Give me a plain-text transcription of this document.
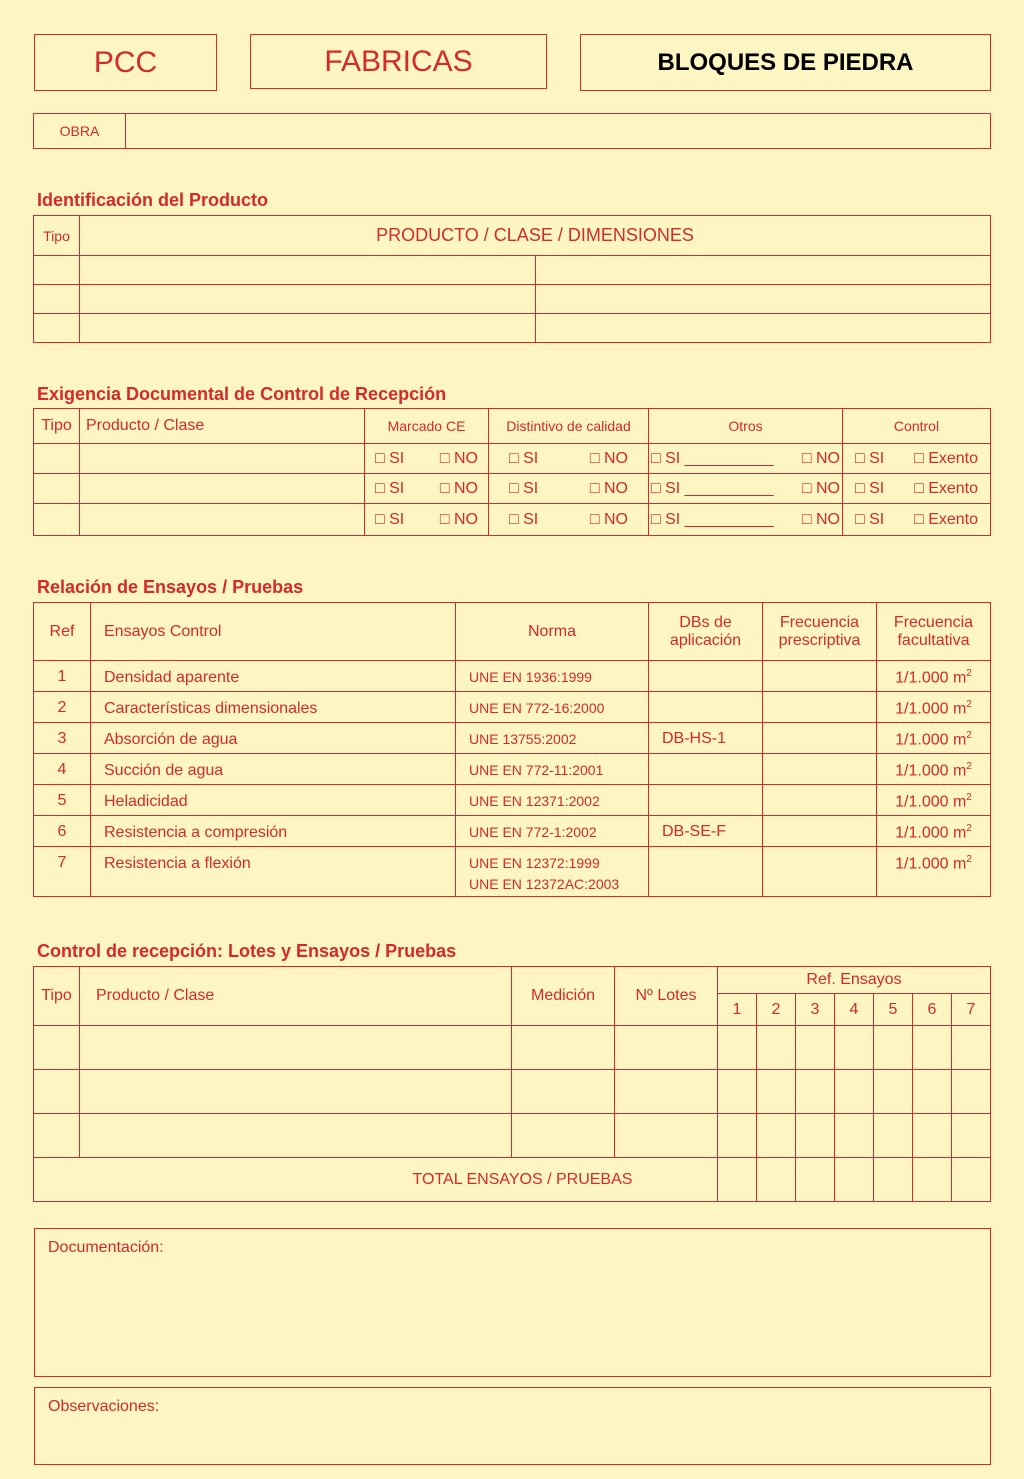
PCC	FABRICAS	BLOQUES DE PIEDRA
OBRA	
Identificación del Producto
Tipo	PRODUCTO / CLASE / DIMENSIONES	

Exigencia Documental de Control de Recepción
Tipo	Producto / Clase	Marcado CE	Distintivo de calidad	Otros	Control

		□ SI □ NO	□ SI □ NO	□ SI __________ □ NO	□ SI □ Exento

		□ SI □ NO	□ SI □ NO	□ SI __________ □ NO	□ SI □ Exento

		□ SI □ NO	□ SI □ NO	□ SI __________ □ NO	□ SI □ Exento
Relación de Ensayos / Pruebas
Ref	Ensayos Control	Norma	DBs de aplicación	Frecuencia prescriptiva	Frecuencia facultativa
1	Densidad aparente	UNE EN 1936:1999			1/1.000 $m^2$
2	Características dimensionales	UNE EN 772-16:2000			1/1.000 $m^2$
3	Absorción de agua	UNE 13755:2002	DB-HS-1		1/1.000 $m^2$
4	Succión de agua	UNE EN 772-11:2001			1/1.000 $m^2$
5	Heladicidad	UNE EN 12371:2002			1/1.000 $m^2$
6	Resistencia a compresión	UNE EN 772-1:2002	DB-SE-F		1/1.000 $m^2$
7	Resistencia a flexión	UNE EN 12372:1999
UNE EN 12372AC:2003			1/1.000 $m^2$
Control de recepción: Lotes y Ensayos / Pruebas
Tipo	Producto / Clase	Medición	Nº Lotes	Ref. Ensayos						
				1	2	3	4	5	6	7

TOTAL ENSAYOS / PRUEBAS										
Documentación:
Observaciones:
